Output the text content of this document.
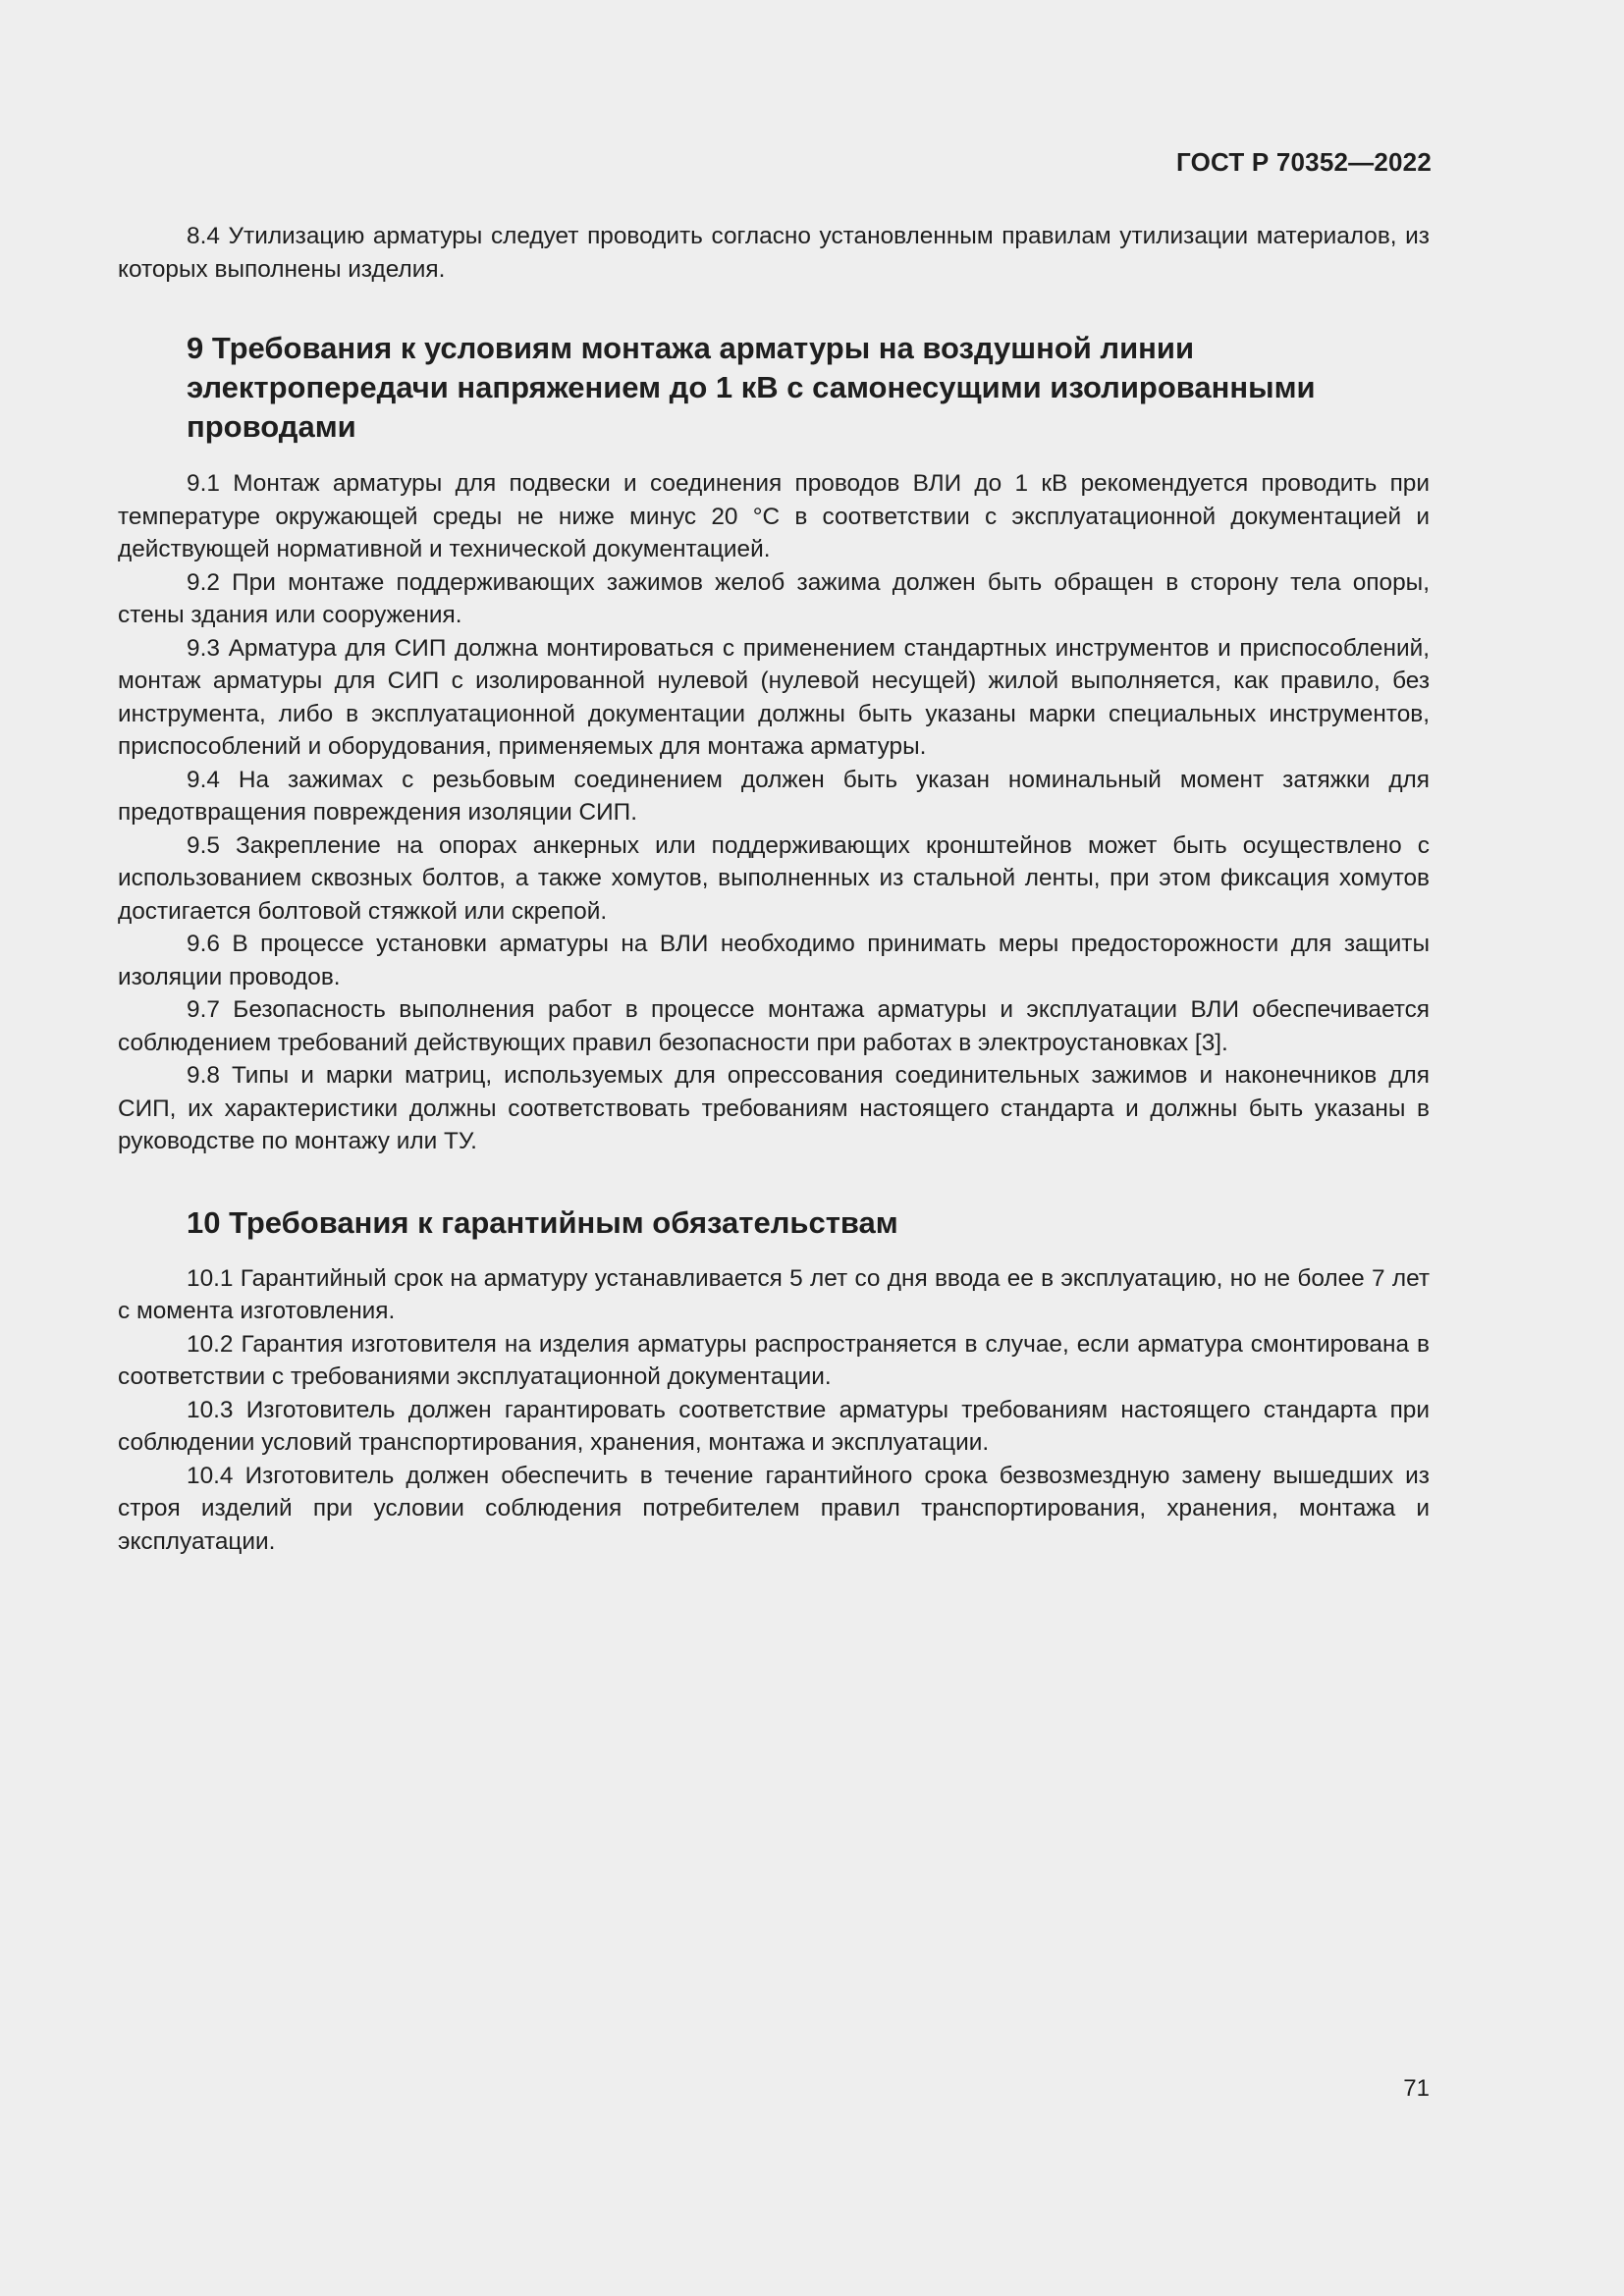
ГОСТ Р 70352—2022

8.4 Утилизацию арматуры следует проводить согласно установленным правилам утилизации материалов, из которых выполнены изделия.

9 Требования к условиям монтажа арматуры на воздушной линии электропередачи напряжением до 1 кВ с самонесущими изолированными проводами

9.1 Монтаж арматуры для подвески и соединения проводов ВЛИ до 1 кВ рекомендуется проводить при температуре окружающей среды не ниже минус 20 °С в соответствии с эксплуатационной документацией и действующей нормативной и технической документацией.

9.2 При монтаже поддерживающих зажимов желоб зажима должен быть обращен в сторону тела опоры, стены здания или сооружения.

9.3 Арматура для СИП должна монтироваться с применением стандартных инструментов и приспособлений, монтаж арматуры для СИП с изолированной нулевой (нулевой несущей) жилой выполняется, как правило, без инструмента, либо в эксплуатационной документации должны быть указаны марки специальных инструментов, приспособлений и оборудования, применяемых для монтажа арматуры.

9.4 На зажимах с резьбовым соединением должен быть указан номинальный момент затяжки для предотвращения повреждения изоляции СИП.

9.5 Закрепление на опорах анкерных или поддерживающих кронштейнов может быть осуществлено с использованием сквозных болтов, а также хомутов, выполненных из стальной ленты, при этом фиксация хомутов достигается болтовой стяжкой или скрепой.

9.6 В процессе установки арматуры на ВЛИ необходимо принимать меры предосторожности для защиты изоляции проводов.

9.7 Безопасность выполнения работ в процессе монтажа арматуры и эксплуатации ВЛИ обеспечивается соблюдением требований действующих правил безопасности при работах в электроустановках [3].

9.8 Типы и марки матриц, используемых для опрессования соединительных зажимов и наконечников для СИП, их характеристики должны соответствовать требованиям настоящего стандарта и должны быть указаны в руководстве по монтажу или ТУ.

10 Требования к гарантийным обязательствам

10.1 Гарантийный срок на арматуру устанавливается 5 лет со дня ввода ее в эксплуатацию, но не более 7 лет с момента изготовления.

10.2 Гарантия изготовителя на изделия арматуры распространяется в случае, если арматура смонтирована в соответствии с требованиями эксплуатационной документации.

10.3 Изготовитель должен гарантировать соответствие арматуры требованиям настоящего стандарта при соблюдении условий транспортирования, хранения, монтажа и эксплуатации.

10.4 Изготовитель должен обеспечить в течение гарантийного срока безвозмездную замену вышедших из строя изделий при условии соблюдения потребителем правил транспортирования, хранения, монтажа и эксплуатации.

71
